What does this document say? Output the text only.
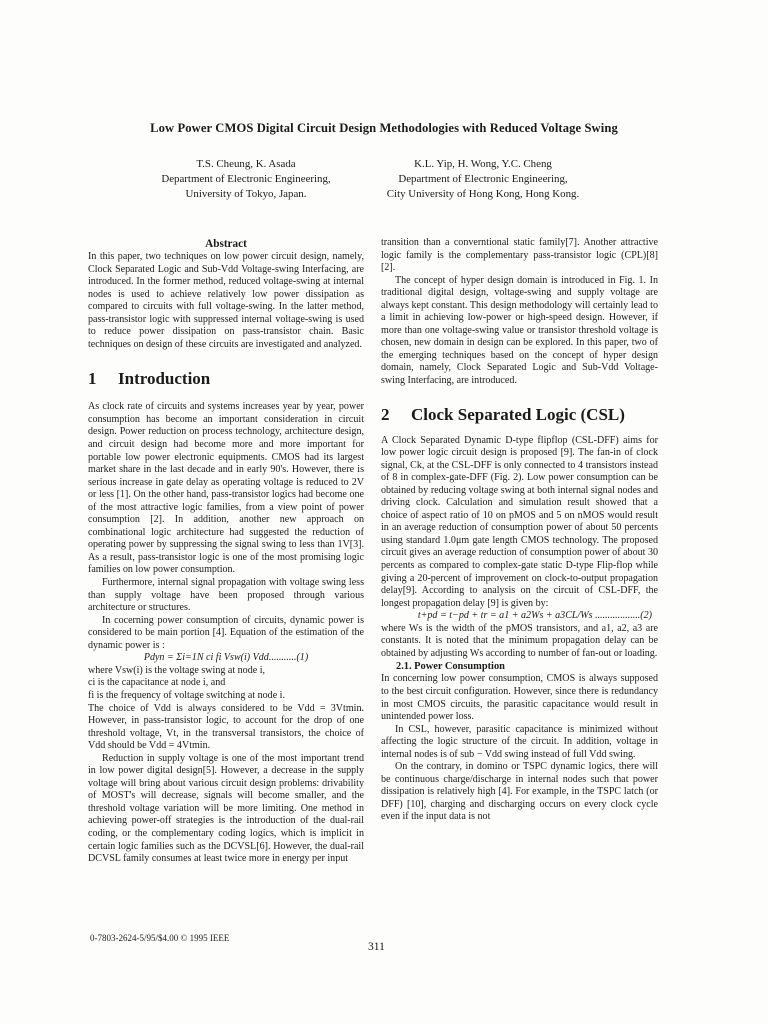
Low Power CMOS Digital Circuit Design Methodologies with Reduced Voltage Swing
T.S. Cheung, K. Asada
Department of Electronic Engineering,
University of Tokyo, Japan.
K.L. Yip, H. Wong, Y.C. Cheng
Department of Electronic Engineering,
City University of Hong Kong, Hong Kong.

Abstract

In this paper, two techniques on low power circuit design, namely, Clock Separated Logic and Sub-Vdd Voltage-swing Interfacing, are introduced. In the former method, reduced voltage-swing at internal nodes is used to achieve relatively low power dissipation as compared to circuits with full voltage-swing. In the latter method, pass-transistor logic with suppressed internal voltage-swing is used to reduce power dissipation on pass-transistor chain. Basic techniques on design of these circuits are investigated and analyzed.

1 Introduction

As clock rate of circuits and systems increases year by year, power consumption has become an important consideration in circuit design. Power reduction on process technology, architecture design, and circuit design had become more and more important for portable low power electronic equipments. CMOS had its largest market share in the last decade and in early 90's. However, there is serious increase in gate delay as operating voltage is reduced to 2V or less [1]. On the other hand, pass-transistor logics had become one of the most attractive logic families, from a view point of power consumption [2]. In addition, another new approach on combinational logic architecture had suggested the reduction of operating power by suppressing the signal swing to less than 1V[3]. As a result, pass-transistor logic is one of the most promising logic families on low power consumption.

Furthermore, internal signal propagation with voltage swing less than supply voltage have been proposed through various architecture or structures.

In cocerning power consumption of circuits, dynamic power is considered to be main portion [4]. Equation of the estimation of the dynamic power is :

Pdyn = Σi=1N ci fi Vsw(i) Vdd...........(1)

where Vsw(i) is the voltage swing at node i,

ci is the capacitance at node i, and

fi is the frequency of voltage switching at node i.

The choice of Vdd is always considered to be Vdd = 3Vtmin. However, in pass-transistor logic, to account for the drop of one threshold voltage, Vt, in the transversal transistors, the choice of Vdd should be Vdd = 4Vtmin.

Reduction in supply voltage is one of the most important trend in low power digital design[5]. However, a decrease in the supply voltage will bring about various circuit design problems: drivability of MOST's will decrease, signals will become smaller, and the threshold voltage variation will be more limiting. One method in achieving power-off strategies is the introduction of the dual-rail coding, or the complementary coding logics, which is implicit in certain logic families such as the DCVSL[6]. However, the dual-rail DCVSL family consumes at least twice more in energy per input

transition than a converntional static family[7]. Another attractive logic family is the complementary pass-transistor logic (CPL)[8] [2].

The concept of hyper design domain is introduced in Fig. 1. In traditional digital design, voltage-swing and supply voltage are always kept constant. This design methodology will certainly lead to a limit in achieving low-power or high-speed design. However, if more than one voltage-swing value or transistor threshold voltage is chosen, new domain in design can be explored. In this paper, two of the emerging techniques based on the concept of hyper design domain, namely, Clock Separated Logic and Sub-Vdd Voltage-swing Interfacing, are introduced.

2 Clock Separated Logic (CSL)

A Clock Separated Dynamic D-type flipflop (CSL-DFF) aims for low power logic circuit design is proposed [9]. The fan-in of clock signal, Ck, at the CSL-DFF is only connected to 4 transistors instead of 8 in complex-gate-DFF (Fig. 2). Low power consumption can be obtained by reducing voltage swing at both internal signal nodes and driving clock. Calculation and simulation result showed that a choice of aspect ratio of 10 on pMOS and 5 on nMOS would result in an average reduction of consumption power of about 50 percents using standard 1.0μm gate length CMOS technology. The proposed circuit gives an average reduction of consumption power of about 30 percents as compared to complex-gate static D-type Flip-flop while giving a 20-percent of improvement on clock-to-output propagation delay[9]. According to analysis on the circuit of CSL-DFF, the longest propagation delay [9] is given by:

t+pd = t−pd + tr = a1 + a2Ws + a3CL/Ws ..................(2)

where Ws is the width of the pMOS transistors, and a1, a2, a3 are constants. It is noted that the minimum propagation delay can be obtained by adjusting Ws according to number of fan-out or loading.

2.1. Power Consumption

In concerning low power consumption, CMOS is always supposed to the best circuit configuration. However, since there is redundancy in most CMOS circuits, the parasitic capacitance would result in unintended power loss.

In CSL, however, parasitic capacitance is minimized without affecting the logic structure of the circuit. In addition, voltage in internal nodes is of sub − Vdd swing instead of full Vdd swing.

On the contrary, in domino or TSPC dynamic logics, there will be continuous charge/discharge in internal nodes such that power dissipation is relatively high [4]. For example, in the TSPC latch (or DFF) [10], charging and discharging occurs on every clock cycle even if the input data is not

0-7803-2624-5/95/$4.00 © 1995 IEEE
311
